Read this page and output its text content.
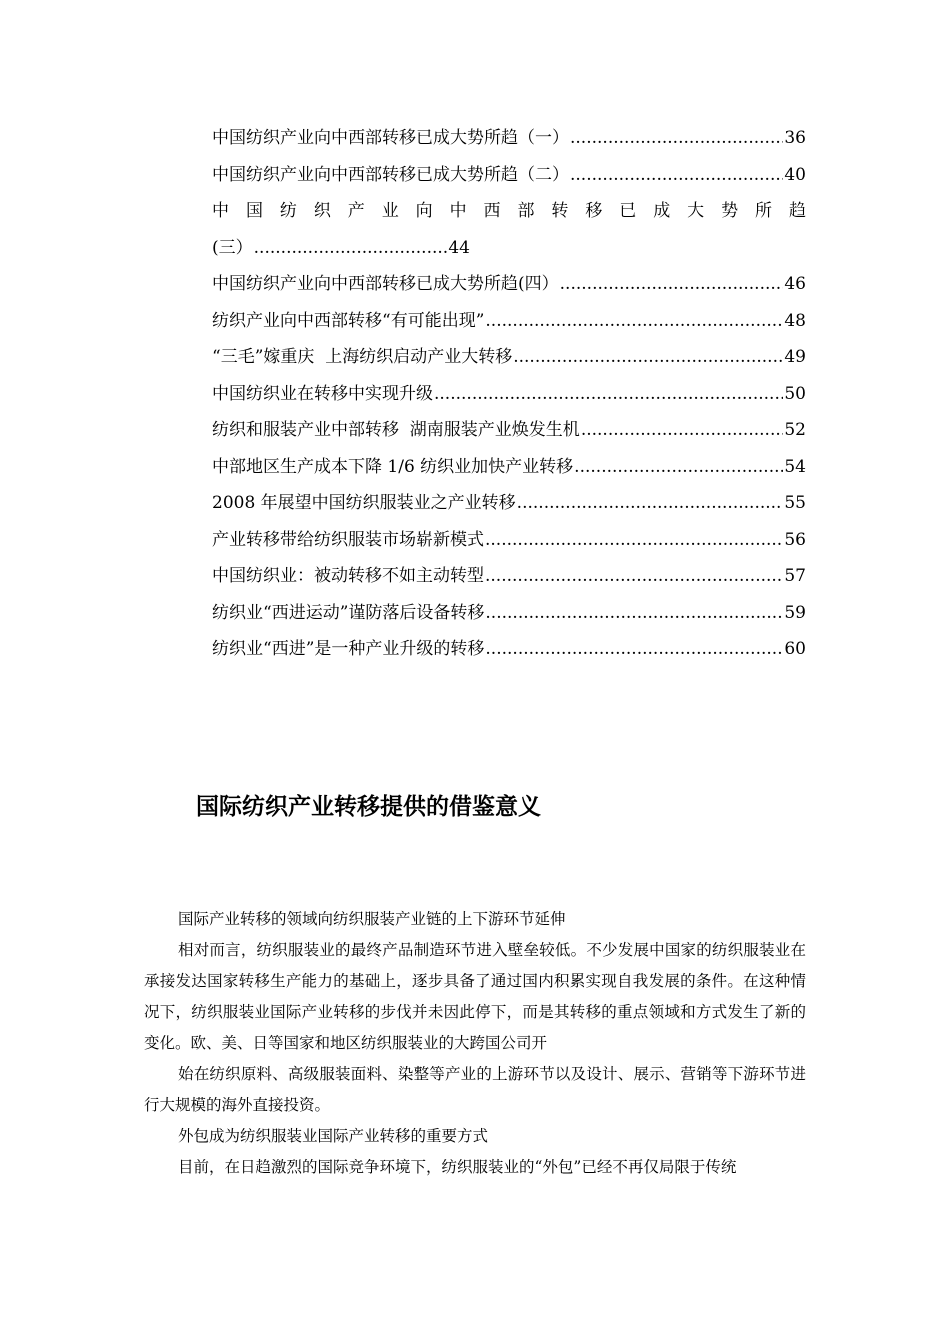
中国纺织产业向中西部转移已成大势所趋（一） .....	36
中国纺织产业向中西部转移已成大势所趋（二） .....	40
中 国 纺 织 产 业 向 中 西 部 转 移 已 成 大 势 所 趋
(三） .....	44
中国纺织产业向中西部转移已成大势所趋(四） .....	46
纺织产业向中西部转移“有可能出现” .....	48
“三毛”嫁重庆  上海纺织启动产业大转移 .....	49
中国纺织业在转移中实现升级 .....	50
纺织和服装产业中部转移  湖南服装产业焕发生机 .....	52
中部地区生产成本下降 1/6 纺织业加快产业转移 .....	54
2008 年展望中国纺织服装业之产业转移 .....	55
产业转移带给纺织服装市场崭新模式 .....	56
中国纺织业：被动转移不如主动转型 .....	57
纺织业“西进运动”谨防落后设备转移 .....	59
纺织业“西进”是一种产业升级的转移 .....	60
国际纺织产业转移提供的借鉴意义

国际产业转移的领域向纺织服装产业链的上下游环节延伸

相对而言，纺织服装业的最终产品制造环节进入壁垒较低。不少发展中国家的纺织服装业在承接发达国家转移生产能力的基础上，逐步具备了通过国内积累实现自我发展的条件。在这种情况下，纺织服装业国际产业转移的步伐并未因此停下，而是其转移的重点领域和方式发生了新的变化。欧、美、日等国家和地区纺织服装业的大跨国公司开

始在纺织原料、高级服装面料、染整等产业的上游环节以及设计、展示、营销等下游环节进行大规模的海外直接投资。

外包成为纺织服装业国际产业转移的重要方式

目前，在日趋激烈的国际竞争环境下，纺织服装业的“外包”已经不再仅局限于传统
